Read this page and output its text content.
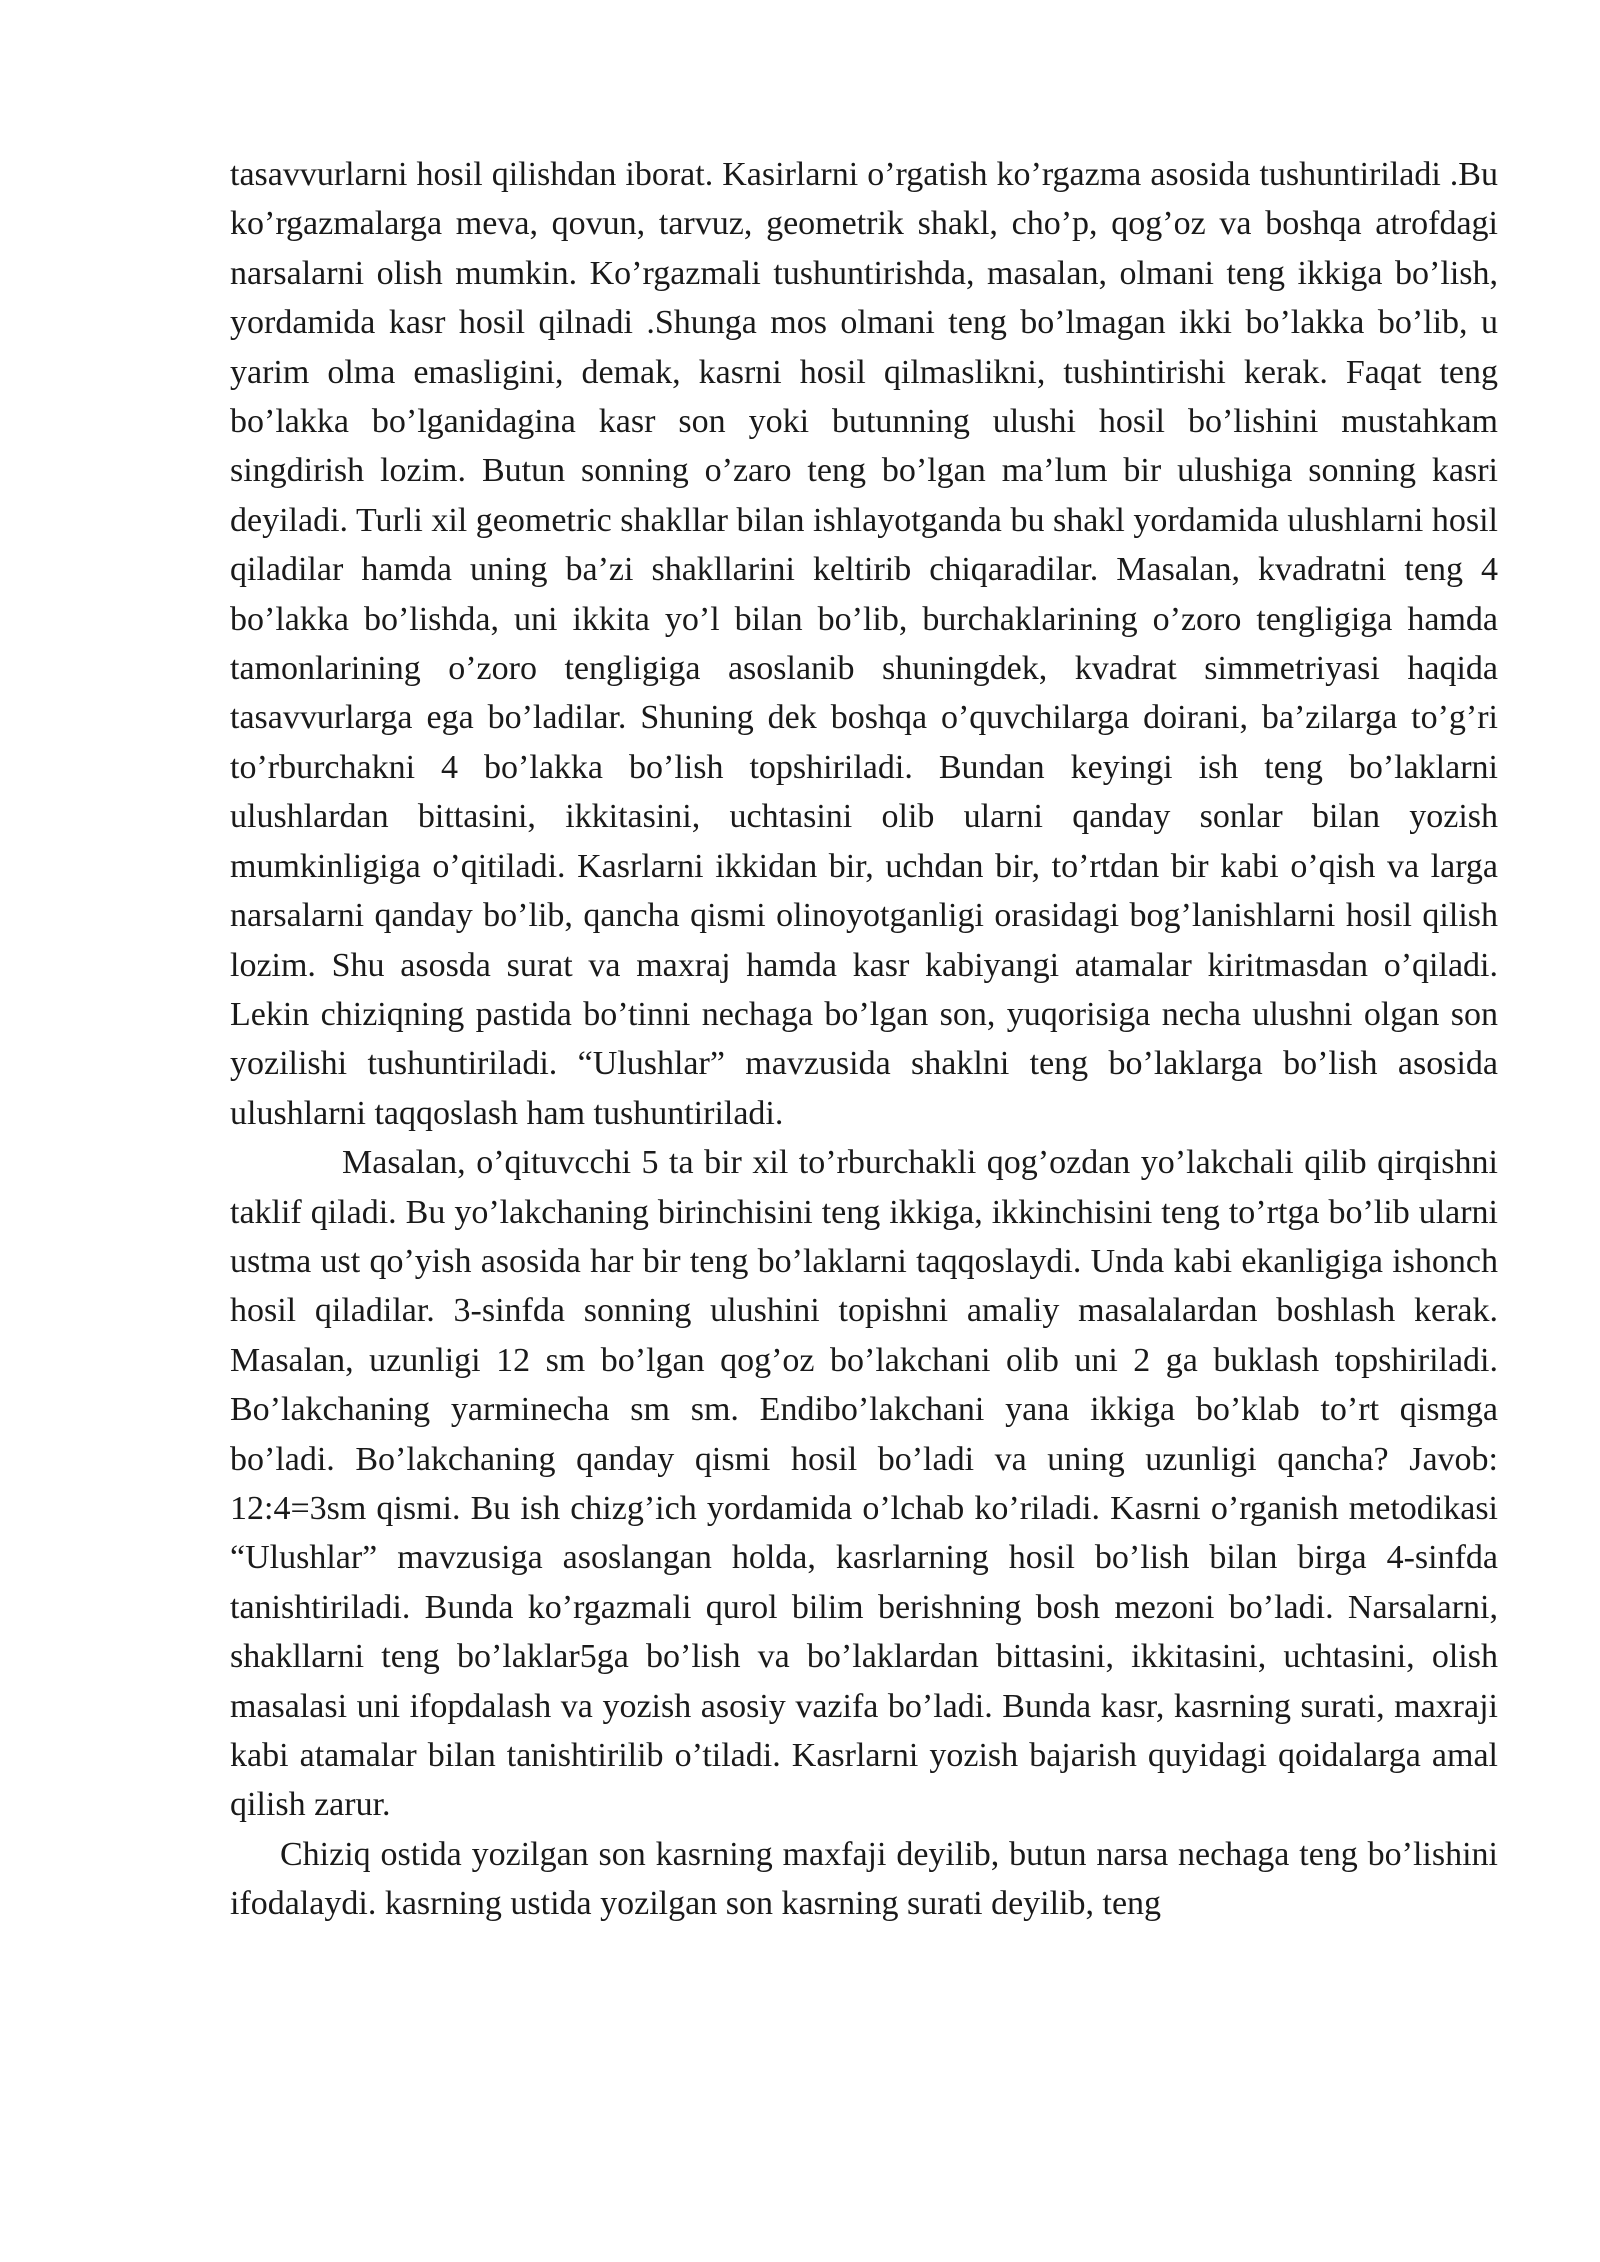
tasavvurlarni hosil qilishdan iborat. Kasirlarni o’rgatish ko’rgazma asosida tushuntiriladi .Bu ko’rgazmalarga meva, qovun, tarvuz, geometrik shakl, cho’p, qog’oz va boshqa atrofdagi narsalarni olish mumkin. Ko’rgazmali tushuntirishda, masalan, olmani teng ikkiga bo’lish, yordamida kasr hosil qilnadi .Shunga mos olmani teng bo’lmagan ikki bo’lakka bo’lib, u yarim olma emasligini, demak, kasrni hosil qilmaslikni, tushintirishi kerak. Faqat teng bo’lakka bo’lganidagina kasr son yoki butunning ulushi hosil bo’lishini mustahkam singdirish lozim. Butun sonning o’zaro teng bo’lgan ma’lum bir ulushiga sonning kasri deyiladi. Turli xil geometric shakllar bilan ishlayotganda bu shakl yordamida ulushlarni hosil qiladilar hamda uning ba’zi shakllarini keltirib chiqaradilar. Masalan, kvadratni teng 4 bo’lakka bo’lishda, uni ikkita yo’l bilan bo’lib, burchaklarining o’zoro tengligiga hamda tamonlarining o’zoro tengligiga asoslanib shuningdek, kvadrat simmetriyasi haqida tasavvurlarga ega bo’ladilar. Shuning dek boshqa o’quvchilarga doirani, ba’zilarga to’g’ri to’rburchakni 4 bo’lakka bo’lish topshiriladi. Bundan keyingi ish teng bo’laklarni ulushlardan bittasini, ikkitasini, uchtasini olib ularni qanday sonlar bilan yozish mumkinligiga o’qitiladi. Kasrlarni ikkidan bir, uchdan bir, to’rtdan bir kabi o’qish va larga narsalarni qanday bo’lib, qancha qismi olinoyotganligi orasidagi bog’lanishlarni hosil qilish lozim. Shu asosda surat va maxraj hamda kasr kabiyangi atamalar kiritmasdan o’qiladi. Lekin chiziqning pastida bo’tinni nechaga bo’lgan son, yuqorisiga necha ulushni olgan son yozilishi tushuntiriladi. “Ulushlar” mavzusida shaklni teng bo’laklarga bo’lish asosida ulushlarni taqqoslash ham tushuntiriladi.

Masalan, o’qituvcchi 5 ta bir xil to’rburchakli qog’ozdan yo’lakchali qilib qirqishni taklif qiladi. Bu yo’lakchaning birinchisini teng ikkiga, ikkinchisini teng to’rtga bo’lib ularni ustma ust qo’yish asosida har bir teng bo’laklarni taqqoslaydi. Unda kabi ekanligiga ishonch hosil qiladilar. 3-sinfda sonning ulushini topishni amaliy masalalardan boshlash kerak. Masalan, uzunligi 12 sm bo’lgan qog’oz bo’lakchani olib uni 2 ga buklash topshiriladi. Bo’lakchaning yarminecha sm sm. Endibo’lakchani yana ikkiga bo’klab to’rt qismga bo’ladi. Bo’lakchaning qanday qismi hosil bo’ladi va uning uzunligi qancha? Javob: 12:4=3sm qismi. Bu ish chizg’ich yordamida o’lchab ko’riladi. Kasrni o’rganish metodikasi “Ulushlar” mavzusiga asoslangan holda, kasrlarning hosil bo’lish bilan birga 4-sinfda tanishtiriladi. Bunda ko’rgazmali qurol bilim berishning bosh mezoni bo’ladi. Narsalarni, shakllarni teng bo’laklar5ga bo’lish va bo’laklardan bittasini, ikkitasini, uchtasini, olish masalasi uni ifopdalash va yozish asosiy vazifa bo’ladi. Bunda kasr, kasrning surati, maxraji kabi atamalar bilan tanishtirilib o’tiladi. Kasrlarni yozish bajarish quyidagi qoidalarga amal qilish zarur.

Chiziq ostida yozilgan son kasrning maxfaji deyilib, butun narsa nechaga teng bo’lishini ifodalaydi. kasrning ustida yozilgan son kasrning surati deyilib, teng
